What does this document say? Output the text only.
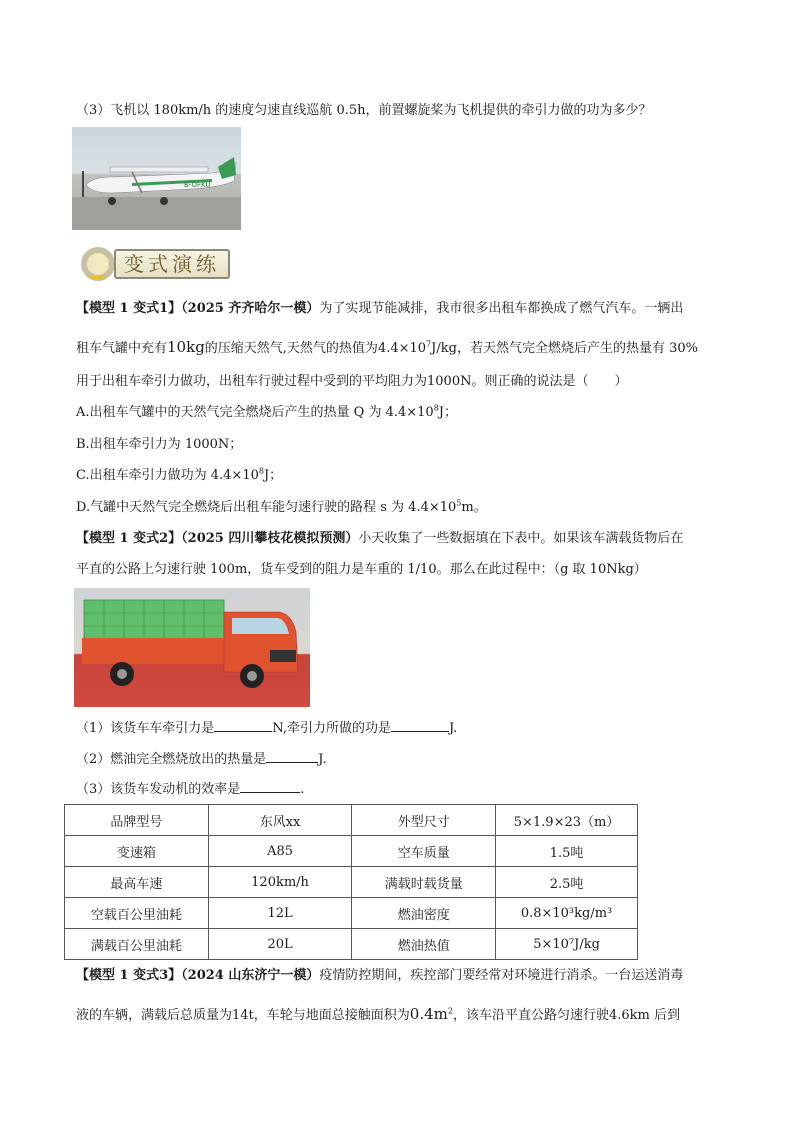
（3）飞机以 180km/h 的速度匀速直线巡航 0.5h，前置螺旋桨为飞机提供的牵引力做的功为多少？
B-OFKU
变式演练
【模型 1 变式1】（2025 齐齐哈尔一模）为了实现节能减排，我市很多出租车都换成了燃气汽车。一辆出
租车气罐中充有10kg的压缩天然气,天然气的热值为$4.4\times 10^7J/kg$，若天然气完全燃烧后产生的热量有 30%
用于出租车牵引力做功，出租车行驶过程中受到的平均阻力为1000N。则正确的说法是（　　）
A.出租车气罐中的天然气完全燃烧后产生的热量 Q 为 $4.4\times 10^8J$；
B.出租车牵引力为 1000N；
C.出租车牵引力做功为 $4.4\times 10^8J$；
D.气罐中天然气完全燃烧后出租车能匀速行驶的路程 s 为 $4.4\times 10^5m$。
【模型 1 变式2】（2025 四川攀枝花模拟预测）小天收集了一些数据填在下表中。如果该车满载货物后在
平直的公路上匀速行驶 100m，货车受到的阻力是车重的 1/10。那么在此过程中：（g 取 10Nkg）
（1）该货车车牵引力是	N,牵引力所做的功是	J.
（2）燃油完全燃烧放出的热量是	J.
（3）该货车发动机的效率是	.
品牌型号	东风xx	外型尺寸	5×1.9×23（m）
变速箱	A85	空车质量	1.5吨
最高车速	120km/h	满载时载货量	2.5吨
空载百公里油耗	12L	燃油密度	0.8×10³kg/m³
满载百公里油耗	20L	燃油热值	5×10⁷J/kg
【模型 1 变式3】（2024 山东济宁一模）疫情防控期间，疾控部门要经常对环境进行消杀。一台运送消毒
液的车辆，满载后总质量为14t，车轮与地面总接触面积为$0.4m^2$，该车沿平直公路匀速行驶4.6km 后到
